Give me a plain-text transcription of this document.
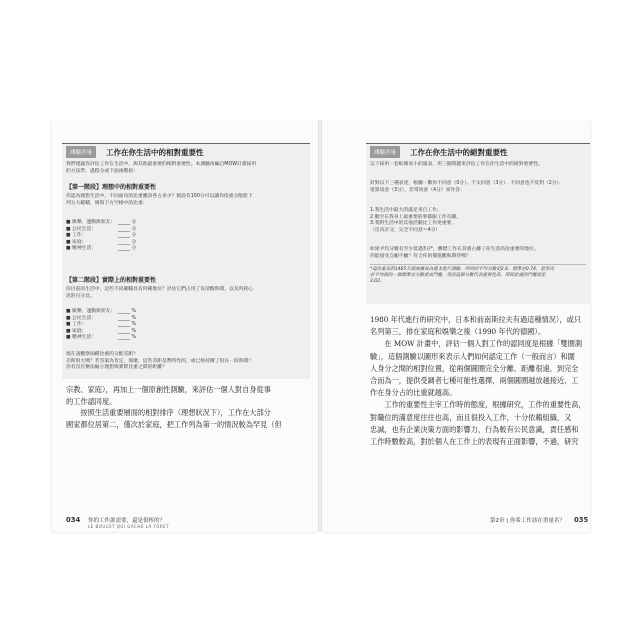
測驗評量	工作在你生活中的相對重要性

我們建議你評估工作在生活中，與其他最重要的相對重要性。本測驗改編自MOW計畫採用

的方法學，過程分成下面兩階段：

【第一階段】理想中的相對重要性

你認為理想生活中，不同面向的比重應該各占多少？假設有100分可以讓你依重分配給下

列五大範疇，填寫下方空格中的比重：

■ 娛樂、運動與朋友： _____ 分
■ 公民生活：	_____ 分
■ 工作：	_____ 分
■ 家庭：	_____ 分
■ 精神生活：	_____ 分
【第二階段】實際上的相對重要性

你目前的生活中，這些不同範疇具有何種地位？評估它們占用了你清醒時間，以及所耗心

思的百分比。

■ 娛樂、運動與朋友： _____ %
■ 公民生活：	_____ %
■ 工作：	_____ %
■ 家庭：	_____ %
■ 精神生活：	_____ %

現在請觀察兩種比重的分配差距？

差距很大嗎？若答案為肯定，那麼，這些差距是暫時性的，或已經持續了很長一段時間？

你有沒有辦法縮小理想與實際比重之間的距離？

宗教、家庭），再加上一個原創性測驗，來評估一個人對自身從事

的工作認同度。

　　按照生活重要層面的相對排序（理想狀況下），工作在大部分

國家都位居第二，僅次於家庭，把工作列為第一的情況較為罕見（但

034 你的工作誰需要，還是很棒的？
LE BOULOT QUI GACHE LA FORET
測驗評量	工作在你生活中的絕對重要性
以下採用一套較簡易小的量表，用三個問題來評估工作在你生活中的絕對重要性。

針對以下三種表述，根據一數你不同意（0分）、不太同意（3分）、不同意也不反對（2分）、

還算同意（3分），非常同意（4分）來作答：

1.我生活中最大的滿足來自工作。

2.動空在我身上最重要的事都跟工作有關。

3.我對生活中的其他活動比工作更重要。

（反向計分，完全不同意＝4分）

如果平均分數有至少低過3分*，應標工作在其重占據了你生活高度重要的地位。

你能接受自顧不顧？符合你的價值觀和期待嗎？

*這份量表對1465名瑞典擴員為樣本進行測驗，得到的平均分數是2.8，標準差0.74，當然再

於平均值的一個標準差分數當成門檻，然而這個分數代表重要性高，即使此處的門檻就是

3.02。

1980 年代進行的研究中，日本和前南斯拉夫有過這種情況），或只

名列第三，排在家庭和娛樂之後（1990 年代的德國）。

　　在 MOW 計畫中，評估一個人對工作的認同度是根據「雙圈測

驗」，這個測驗以圖形來表示人們如何認定工作（一般而言）和圍

人身分之間的相對位置，從兩個圓圈完全分離、距離很遠，到完全

合而為一，提供受調者七種可能性選擇，兩個圓圈越放越接近，工

作在身分占的比重就越高。

　　工作的重要性主宰工作時的態度，根據研究，工作的重要性高，

對職位的滿意度往往也高，而且很投入工作，十分依賴組織，又

忠誠，也有企業決策方面的影響力，行為較有公民意識，責任感和

工作時數較高，對於個人在工作上的表現有正面影響，不過，研究

第2章 | 你希工作該在重量名？ 035
